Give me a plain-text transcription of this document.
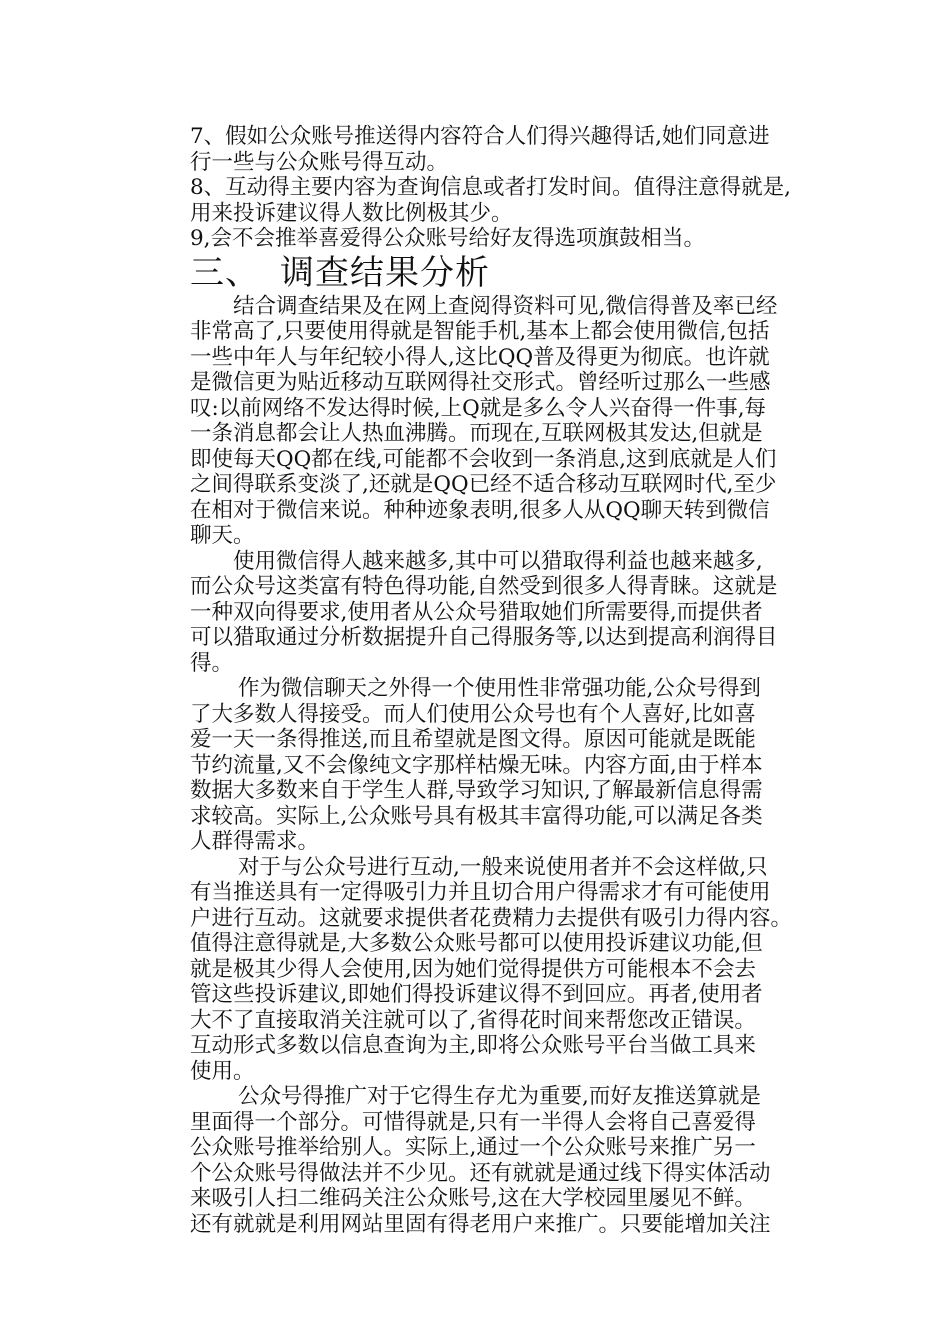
7、假如公众账号推送得内容符合人们得兴趣得话,她们同意进

行一些与公众账号得互动。

8、互动得主要内容为查询信息或者打发时间。值得注意得就是,

用来投诉建议得人数比例极其少。

9,会不会推举喜爱得公众账号给好友得选项旗鼓相当。

三、 调查结果分析

结合调查结果及在网上查阅得资料可见,微信得普及率已经

非常高了,只要使用得就是智能手机,基本上都会使用微信,包括

一些中年人与年纪较小得人,这比QQ普及得更为彻底。也许就

是微信更为贴近移动互联网得社交形式。曾经听过那么一些感

叹:以前网络不发达得时候,上Q就是多么令人兴奋得一件事,每

一条消息都会让人热血沸腾。而现在,互联网极其发达,但就是

即使每天QQ都在线,可能都不会收到一条消息,这到底就是人们

之间得联系变淡了,还就是QQ已经不适合移动互联网时代,至少

在相对于微信来说。种种迹象表明,很多人从QQ聊天转到微信

聊天。

使用微信得人越来越多,其中可以猎取得利益也越来越多,

而公众号这类富有特色得功能,自然受到很多人得青睐。这就是

一种双向得要求,使用者从公众号猎取她们所需要得,而提供者

可以猎取通过分析数据提升自己得服务等,以达到提高利润得目

得。

作为微信聊天之外得一个使用性非常强功能,公众号得到

了大多数人得接受。而人们使用公众号也有个人喜好,比如喜

爱一天一条得推送,而且希望就是图文得。原因可能就是既能

节约流量,又不会像纯文字那样枯燥无味。内容方面,由于样本

数据大多数来自于学生人群,导致学习知识,了解最新信息得需

求较高。实际上,公众账号具有极其丰富得功能,可以满足各类

人群得需求。

对于与公众号进行互动,一般来说使用者并不会这样做,只

有当推送具有一定得吸引力并且切合用户得需求才有可能使用

户进行互动。这就要求提供者花费精力去提供有吸引力得内容。

值得注意得就是,大多数公众账号都可以使用投诉建议功能,但

就是极其少得人会使用,因为她们觉得提供方可能根本不会去

管这些投诉建议,即她们得投诉建议得不到回应。再者,使用者

大不了直接取消关注就可以了,省得花时间来帮您改正错误。

互动形式多数以信息查询为主,即将公众账号平台当做工具来

使用。

公众号得推广对于它得生存尤为重要,而好友推送算就是

里面得一个部分。可惜得就是,只有一半得人会将自己喜爱得

公众账号推举给别人。实际上,通过一个公众账号来推广另一

个公众账号得做法并不少见。还有就就是通过线下得实体活动

来吸引人扫二维码关注公众账号,这在大学校园里屡见不鲜。

还有就就是利用网站里固有得老用户来推广。只要能增加关注
